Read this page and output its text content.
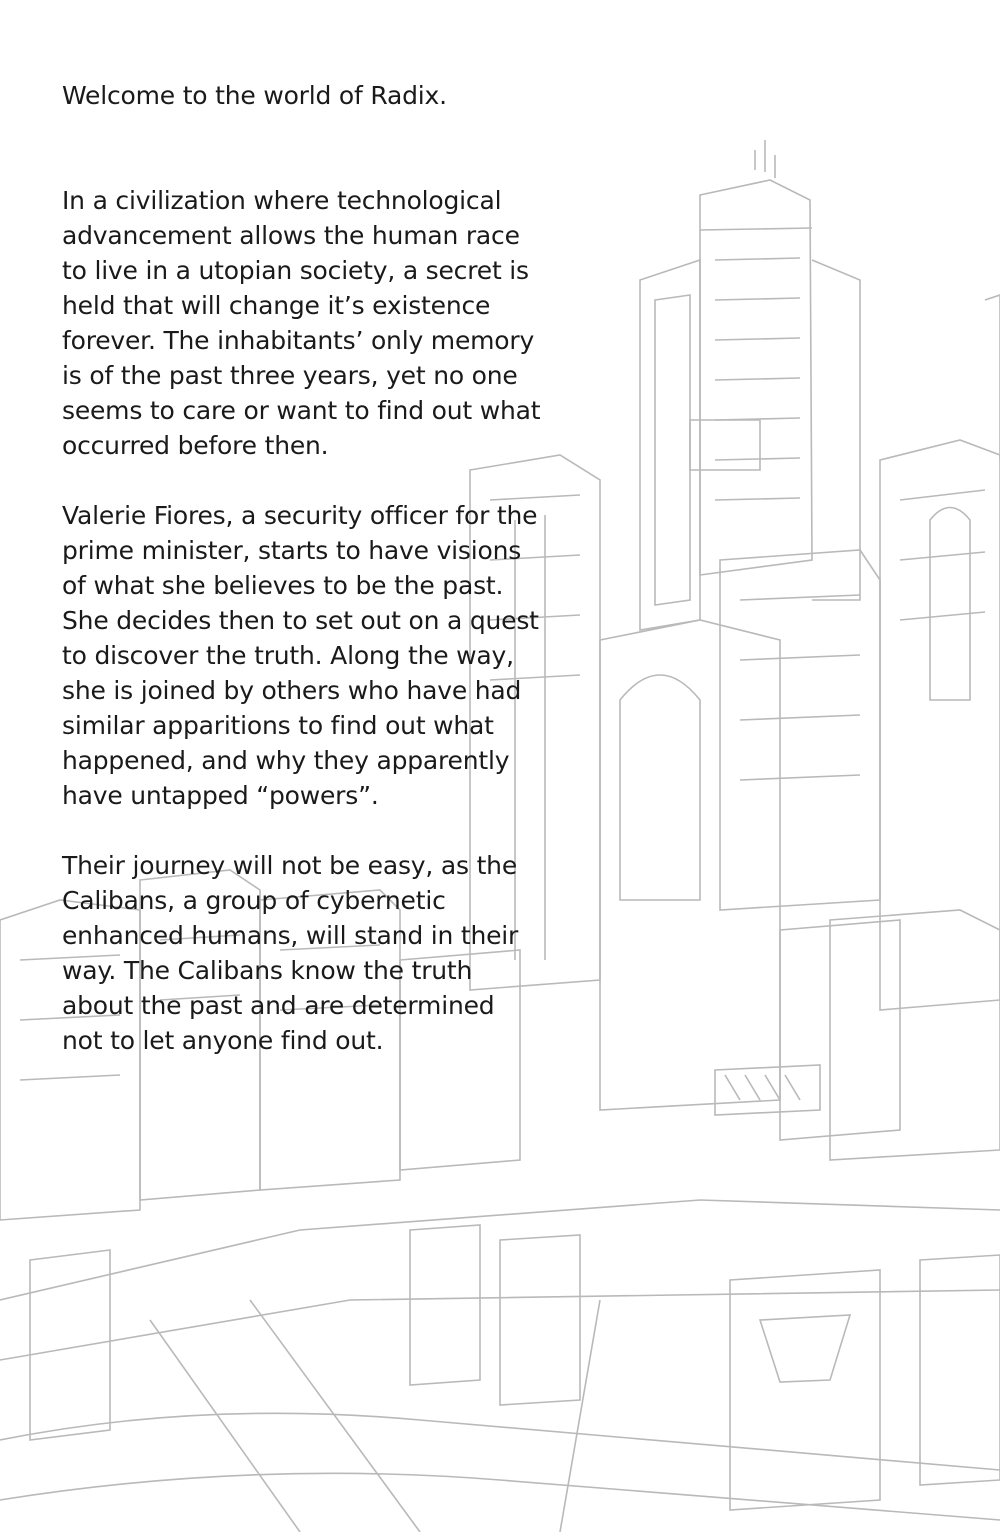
Welcome to the world of Radix.

In a civilization where technological advancement allows the human race to live in a utopian society, a secret is held that will change it’s existence forever. The inhabitants’ only memory is of the past three years, yet no one seems to care or want to find out what occurred before then.

Valerie Fiores, a security officer for the prime minister, starts to have visions of what she believes to be the past. She decides then to set out on a quest to discover the truth. Along the way, she is joined by others who have had similar apparitions to find out what happened, and why they apparently have untapped “powers”.

Their journey will not be easy, as the Calibans, a group of cybernetic enhanced humans, will stand in their way. The Calibans know the truth about the past and are determined not to let anyone find out.
